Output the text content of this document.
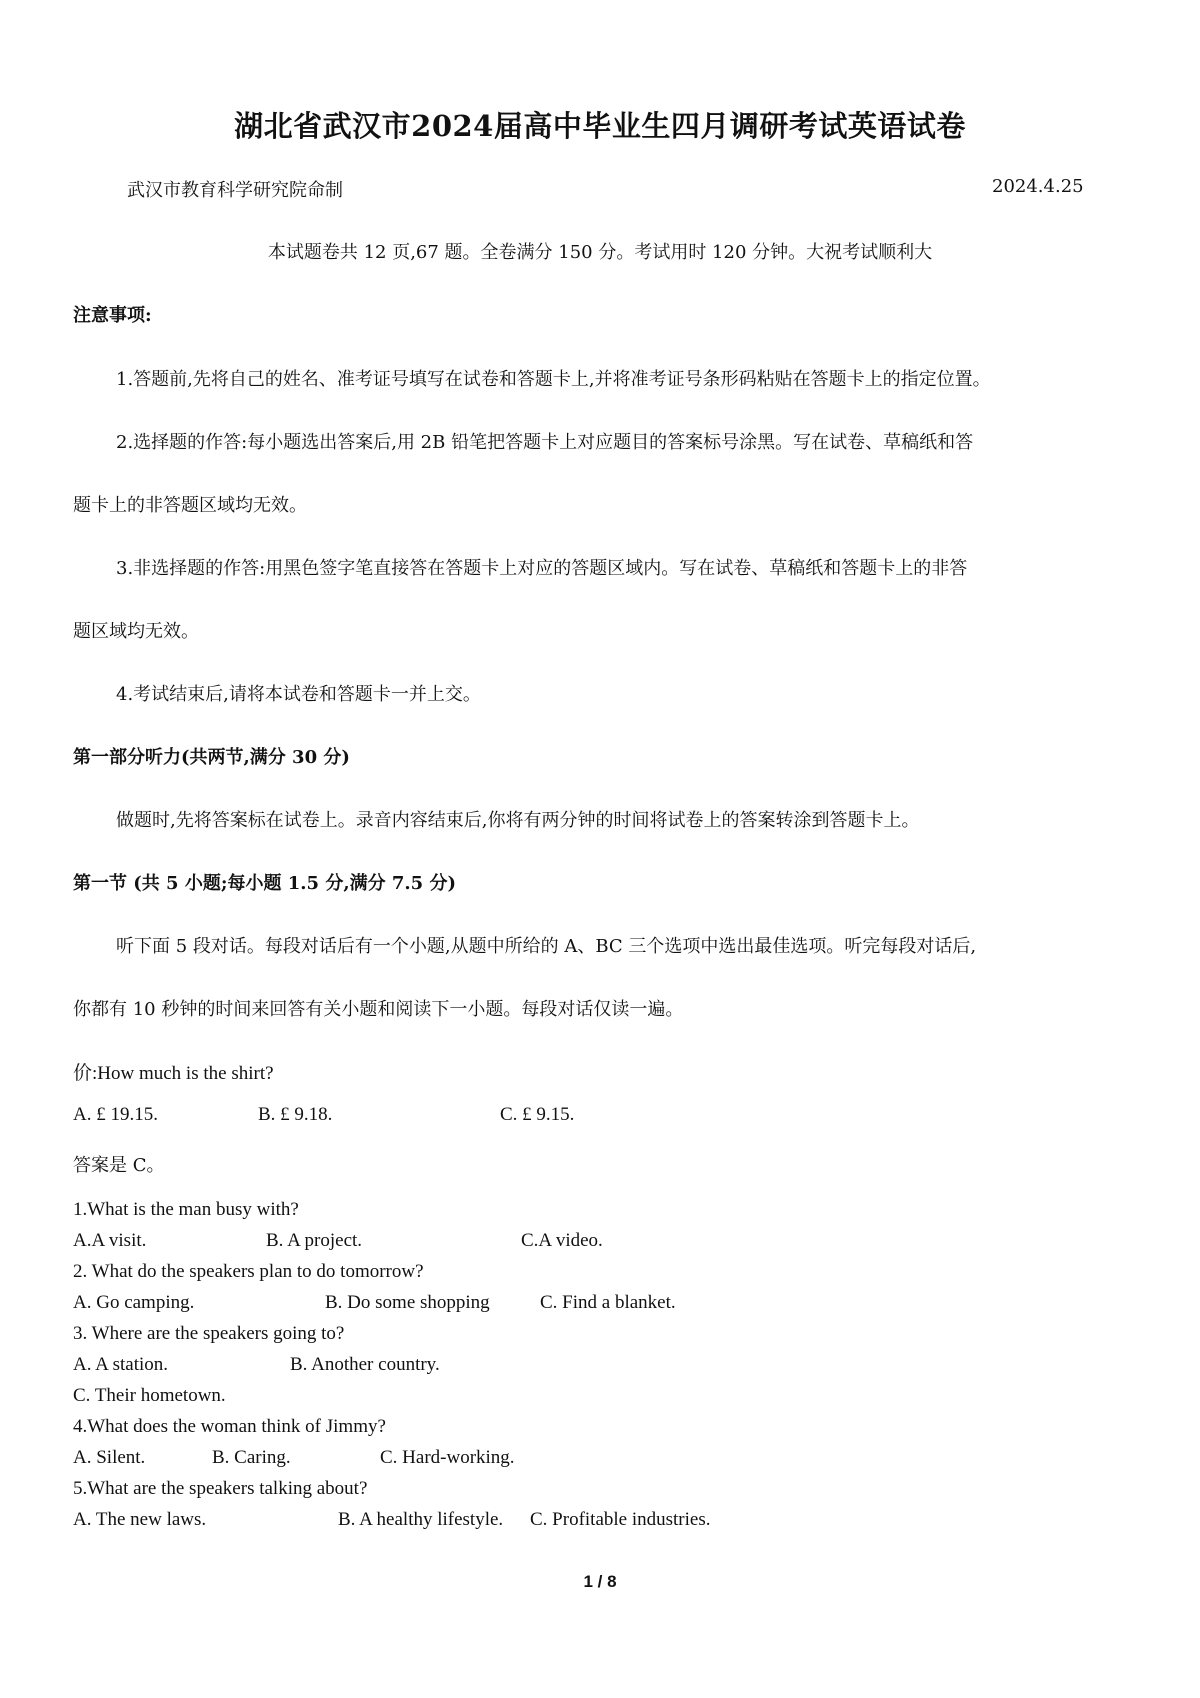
湖北省武汉市2024届高中毕业生四月调研考试英语试卷
武汉市教育科学研究院命制	2024.4.25
本试题卷共 12 页,67 题。全卷满分 150 分。考试用时 120 分钟。大祝考试顺利大
注意事项:
1.答题前,先将自己的姓名、准考证号填写在试卷和答题卡上,并将准考证号条形码粘贴在答题卡上的指定位置。
2.选择题的作答:每小题选出答案后,用 2B 铅笔把答题卡上对应题目的答案标号涂黑。写在试卷、草稿纸和答
题卡上的非答题区域均无效。
3.非选择题的作答:用黑色签字笔直接答在答题卡上对应的答题区域内。写在试卷、草稿纸和答题卡上的非答
题区域均无效。
4.考试结束后,请将本试卷和答题卡一并上交。
第一部分听力(共两节,满分 30 分)
做题时,先将答案标在试卷上。录音内容结束后,你将有两分钟的时间将试卷上的答案转涂到答题卡上。
第一节 (共 5 小题;每小题 1.5 分,满分 7.5 分)
听下面 5 段对话。每段对话后有一个小题,从题中所给的 A、BC 三个选项中选出最佳选项。听完每段对话后,
你都有 10 秒钟的时间来回答有关小题和阅读下一小题。每段对话仅读一遍。
价:How much is the shirt?
A. £ 19.15.	B. £ 9.18.	C. £ 9.15.
答案是 C。
1.What is the man busy with?
A.A visit.	B. A project.	C.A video.
2. What do the speakers plan to do tomorrow?
A. Go camping.	B. Do some shopping	C. Find a blanket.
3. Where are the speakers going to?
A. A station.	B. Another country.
C. Their hometown.
4.What does the woman think of Jimmy?
A. Silent.	B. Caring.	C. Hard-working.
5.What are the speakers talking about?
A. The new laws.	B. A healthy lifestyle. C. Profitable industries.
1 / 8
